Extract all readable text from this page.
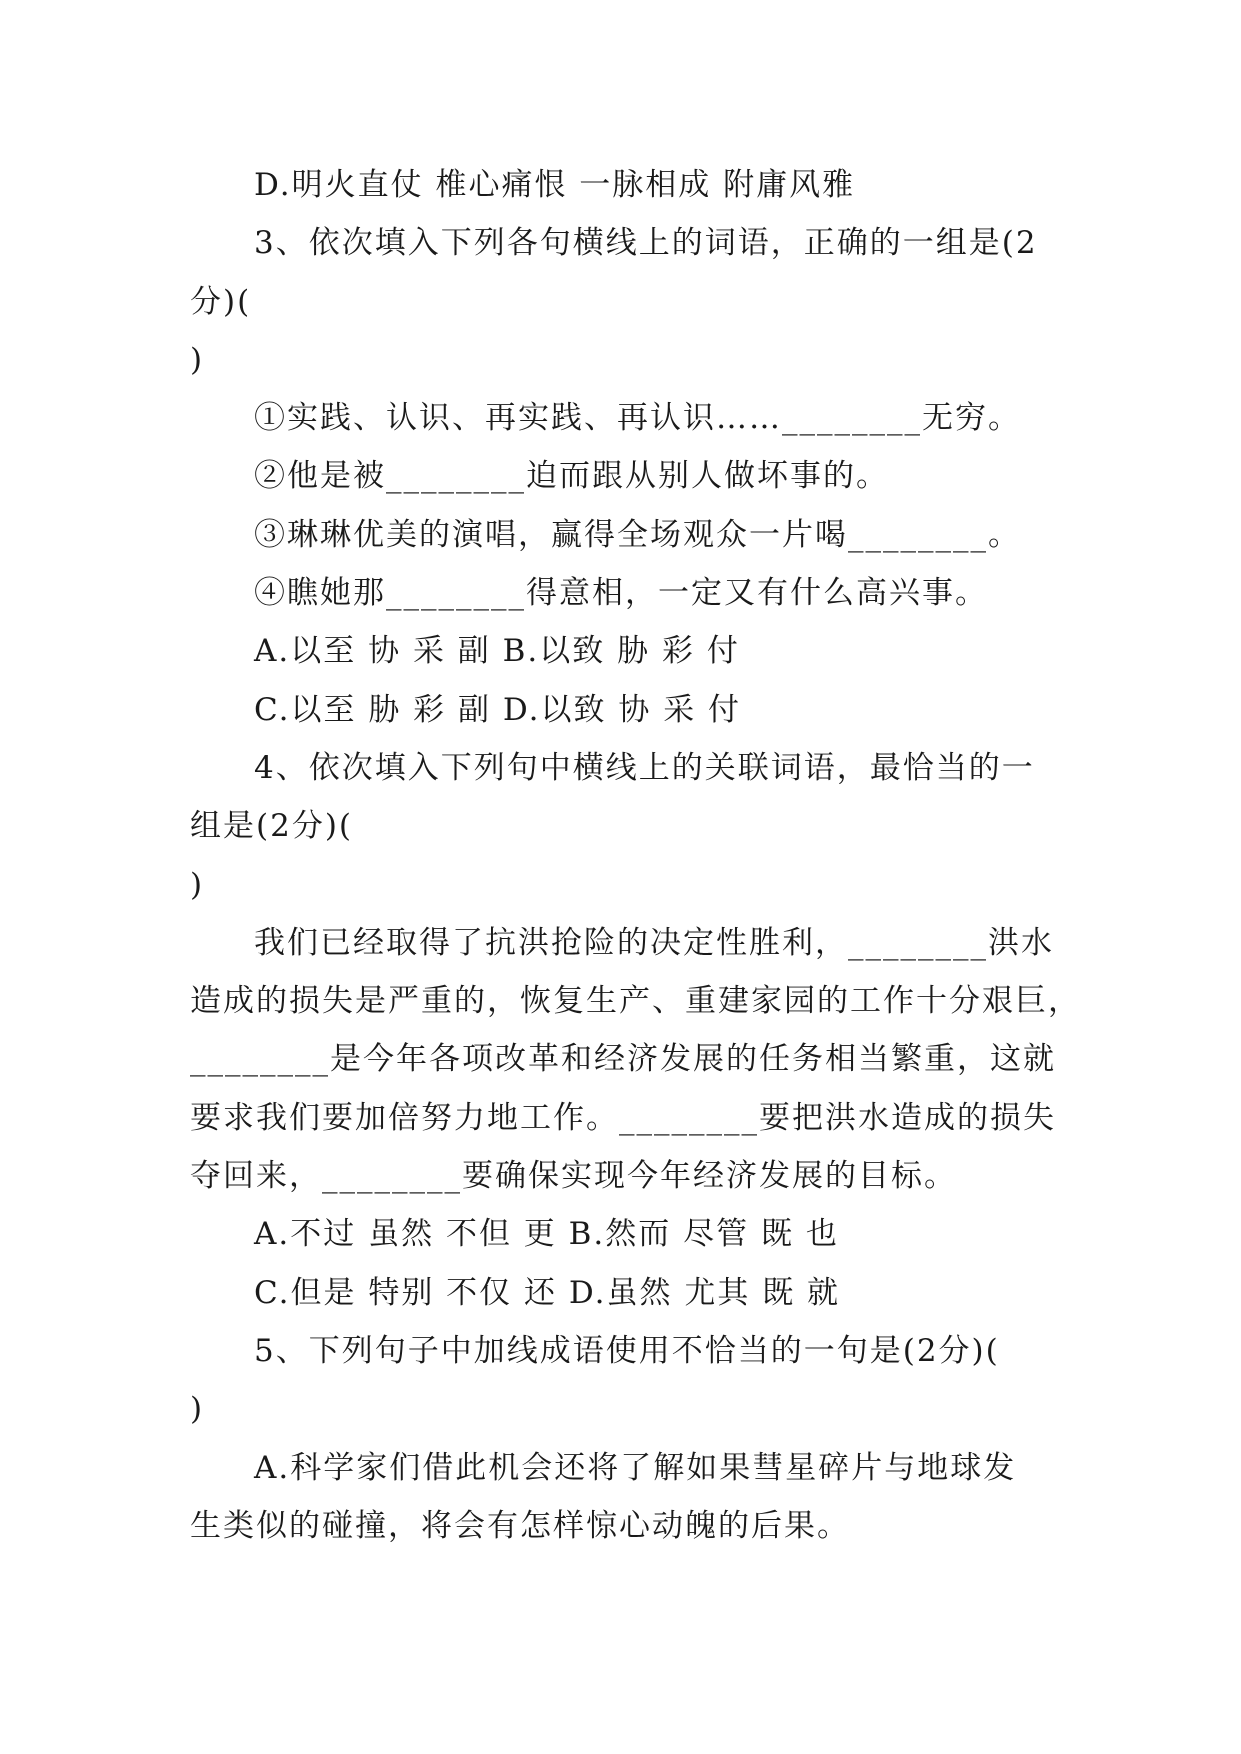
D.明火直仗 椎心痛恨 一脉相成 附庸风雅
3、依次填入下列各句横线上的词语，正确的一组是(2
分)(
)
①实践、认识、再实践、再认识……________无穷。
②他是被________迫而跟从别人做坏事的。
③琳琳优美的演唱，赢得全场观众一片喝________。
④瞧她那________得意相，一定又有什么高兴事。
A.以至 协 采 副 B.以致 胁 彩 付
C.以至 胁 彩 副 D.以致 协 采 付
4、依次填入下列句中横线上的关联词语，最恰当的一
组是(2分)(
)
我们已经取得了抗洪抢险的决定性胜利，________洪水
造成的损失是严重的，恢复生产、重建家园的工作十分艰巨，
________是今年各项改革和经济发展的任务相当繁重，这就
要求我们要加倍努力地工作。________要把洪水造成的损失
夺回来，________要确保实现今年经济发展的目标。
A.不过 虽然 不但 更 B.然而 尽管 既 也
C.但是 特别 不仅 还 D.虽然 尤其 既 就
5、下列句子中加线成语使用不恰当的一句是(2分)(
)
A.科学家们借此机会还将了解如果彗星碎片与地球发
生类似的碰撞，将会有怎样惊心动魄的后果。
